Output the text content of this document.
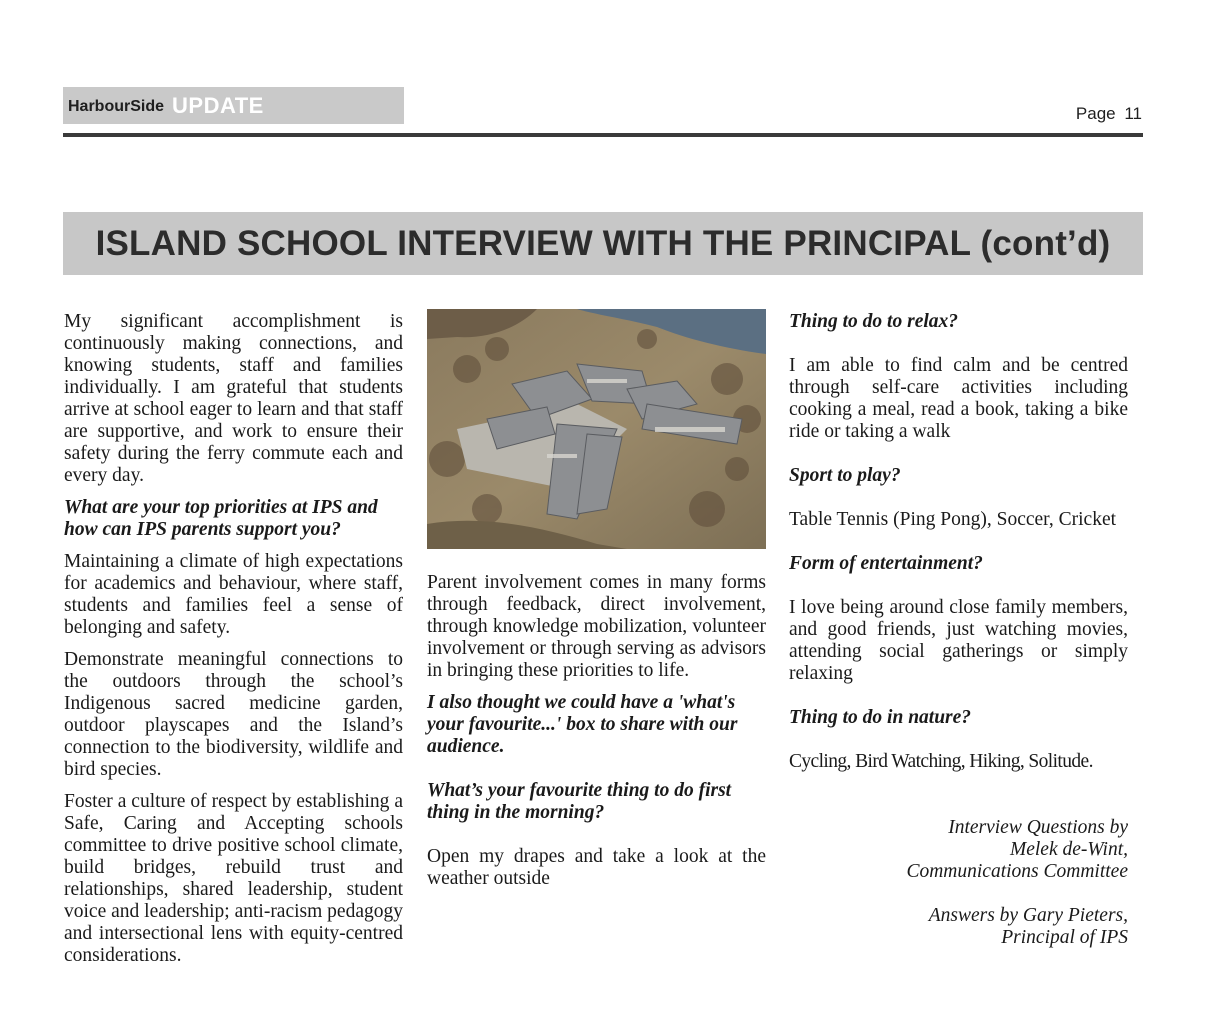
HarbourSide UPDATE	Page 11
ISLAND SCHOOL INTERVIEW WITH THE PRINCIPAL (cont’d)

My significant accomplishment is continuously making connections, and knowing students, staff and families individually. I am grateful that students arrive at school eager to learn and that staff are supportive, and work to ensure their safety during the ferry commute each and every day.

What are your top priorities at IPS and how can IPS parents support you?

Maintaining a climate of high expectations for academics and behaviour, where staff, students and families feel a sense of belonging and safety.

Demonstrate meaningful connections to the outdoors through the school’s Indigenous sacred medicine garden, outdoor playscapes and the Island’s connection to the biodiversity, wildlife and bird species.

Foster a culture of respect by establishing a Safe, Caring and Accepting schools committee to drive positive school climate, build bridges, rebuild trust and relationships, shared leadership, student voice and leadership; anti-racism pedagogy and intersectional lens with equity-centred considerations.

Parent involvement comes in many forms through feedback, direct involvement, through knowledge mobilization, volunteer involvement or through serving as advisors in bringing these priorities to life.

I also thought we could have a 'what's your favourite...' box to share with our audience.

What’s your favourite thing to do first thing in the morning?

Open my drapes and take a look at the weather outside

Thing to do to relax?

I am able to find calm and be centred through self-care activities including cooking a meal, read a book, taking a bike ride or taking a walk

Sport to play?

Table Tennis (Ping Pong), Soccer, Cricket

Form of entertainment?

I love being around close family members, and good friends, just watching movies, attending social gatherings or simply relaxing

Thing to do in nature?

Cycling, Bird Watching, Hiking, Solitude.

Interview Questions by
Melek de-Wint,
Communications Committee
Answers by Gary Pieters,
Principal of IPS
